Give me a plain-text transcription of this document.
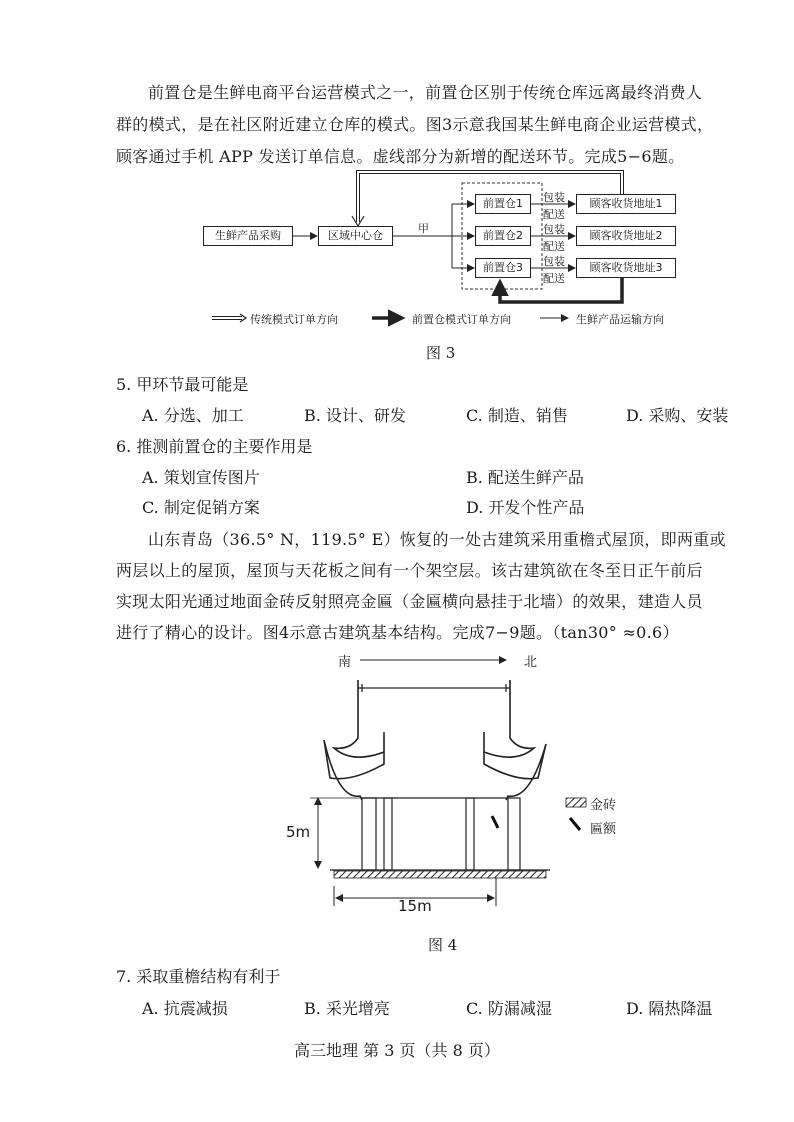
前置仓是生鲜电商平台运营模式之一，前置仓区别于传统仓库远离最终消费人
群的模式，是在社区附近建立仓库的模式。图3示意我国某生鲜电商企业运营模式，
顾客通过手机 APP 发送订单信息。虚线部分为新增的配送环节。完成5−6题。
生鲜产品采购	区域中心仓
前置仓1
前置仓2
前置仓3
顾客收货地址1
顾客收货地址2
顾客收货地址3
甲
包装
配送
包装
配送
包装
配送
传统模式订单方向	前置仓模式订单方向	生鲜产品运输方向
图 3
5. 甲环节最可能是
A. 分选、加工	B. 设计、研发	C. 制造、销售	D. 采购、安装
6. 推测前置仓的主要作用是
A. 策划宣传图片	B. 配送生鲜产品
C. 制定促销方案	D. 开发个性产品
山东青岛（36.5° N，119.5° E）恢复的一处古建筑采用重檐式屋顶，即两重或
两层以上的屋顶，屋顶与天花板之间有一个架空层。该古建筑欲在冬至日正午前后
实现太阳光通过地面金砖反射照亮金匾（金匾横向悬挂于北墙）的效果，建造人员
进行了精心的设计。图4示意古建筑基本结构。完成7−9题。（tan30° ≈0.6）
南	北
5m
15m
金砖
匾额
图 4
7. 采取重檐结构有利于
A. 抗震减损	B. 采光增亮	C. 防漏减湿	D. 隔热降温
高三地理 第 3 页（共 8 页）
